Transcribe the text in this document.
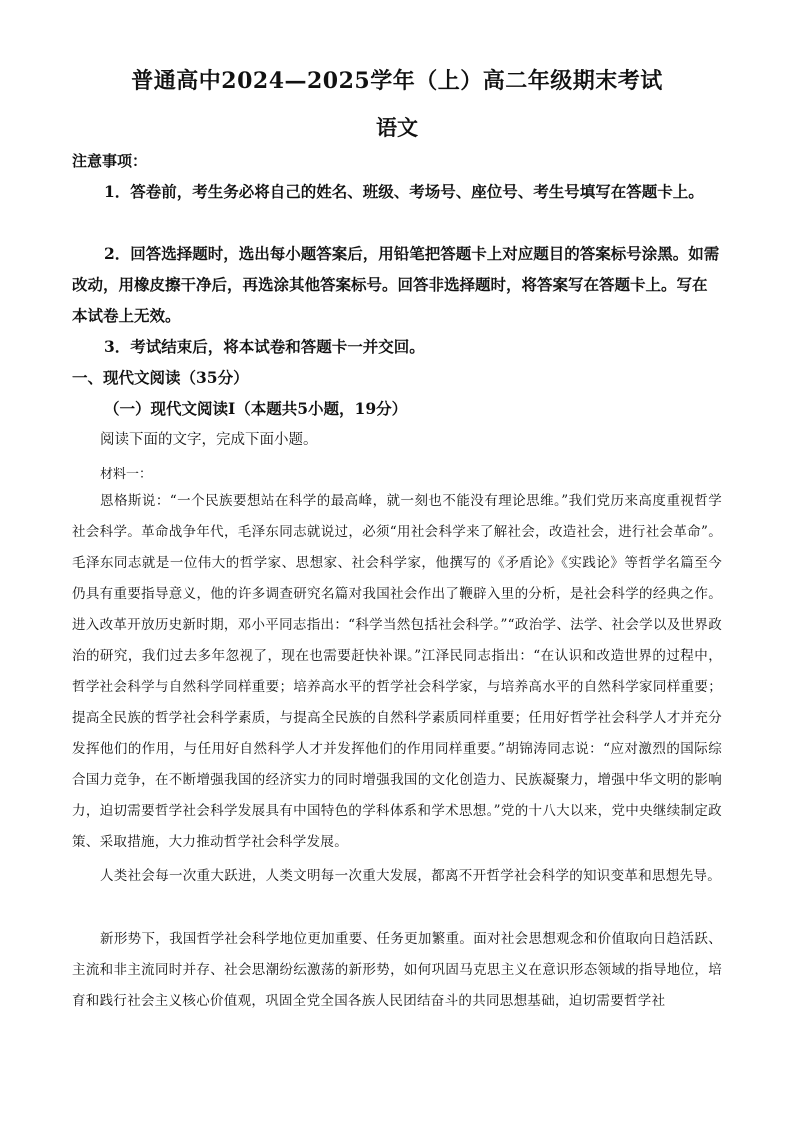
普通高中2024—2025学年（上）高二年级期末考试
语文
注意事项：
1．答卷前，考生务必将自己的姓名、班级、考场号、座位号、考生号填写在答题卡上。
2．回答选择题时，选出每小题答案后，用铅笔把答题卡上对应题目的答案标号涂黑。如需改动，用橡皮擦干净后，再选涂其他答案标号。回答非选择题时，将答案写在答题卡上。写在本试卷上无效。
3．考试结束后，将本试卷和答题卡一并交回。
一、现代文阅读（35分）
（一）现代文阅读Ⅰ（本题共5小题，19分）
阅读下面的文字，完成下面小题。
材料一：
恩格斯说：“一个民族要想站在科学的最高峰，就一刻也不能没有理论思维。”我们党历来高度重视哲学社会科学。革命战争年代，毛泽东同志就说过，必须“用社会科学来了解社会，改造社会，进行社会革命”。毛泽东同志就是一位伟大的哲学家、思想家、社会科学家，他撰写的《矛盾论》《实践论》等哲学名篇至今仍具有重要指导意义，他的许多调查研究名篇对我国社会作出了鞭辟入里的分析，是社会科学的经典之作。进入改革开放历史新时期，邓小平同志指出：“科学当然包括社会科学。”“政治学、法学、社会学以及世界政治的研究，我们过去多年忽视了，现在也需要赶快补课。”江泽民同志指出：“在认识和改造世界的过程中，哲学社会科学与自然科学同样重要；培养高水平的哲学社会科学家，与培养高水平的自然科学家同样重要；提高全民族的哲学社会科学素质，与提高全民族的自然科学素质同样重要；任用好哲学社会科学人才并充分发挥他们的作用，与任用好自然科学人才并发挥他们的作用同样重要。”胡锦涛同志说：“应对激烈的国际综合国力竞争，在不断增强我国的经济实力的同时增强我国的文化创造力、民族凝聚力，增强中华文明的影响力，迫切需要哲学社会科学发展具有中国特色的学科体系和学术思想。”党的十八大以来，党中央继续制定政策、采取措施，大力推动哲学社会科学发展。
人类社会每一次重大跃进，人类文明每一次重大发展，都离不开哲学社会科学的知识变革和思想先导。
新形势下，我国哲学社会科学地位更加重要、任务更加繁重。面对社会思想观念和价值取向日趋活跃、主流和非主流同时并存、社会思潮纷纭激荡的新形势，如何巩固马克思主义在意识形态领域的指导地位，培育和践行社会主义核心价值观，巩固全党全国各族人民团结奋斗的共同思想基础，迫切需要哲学社
